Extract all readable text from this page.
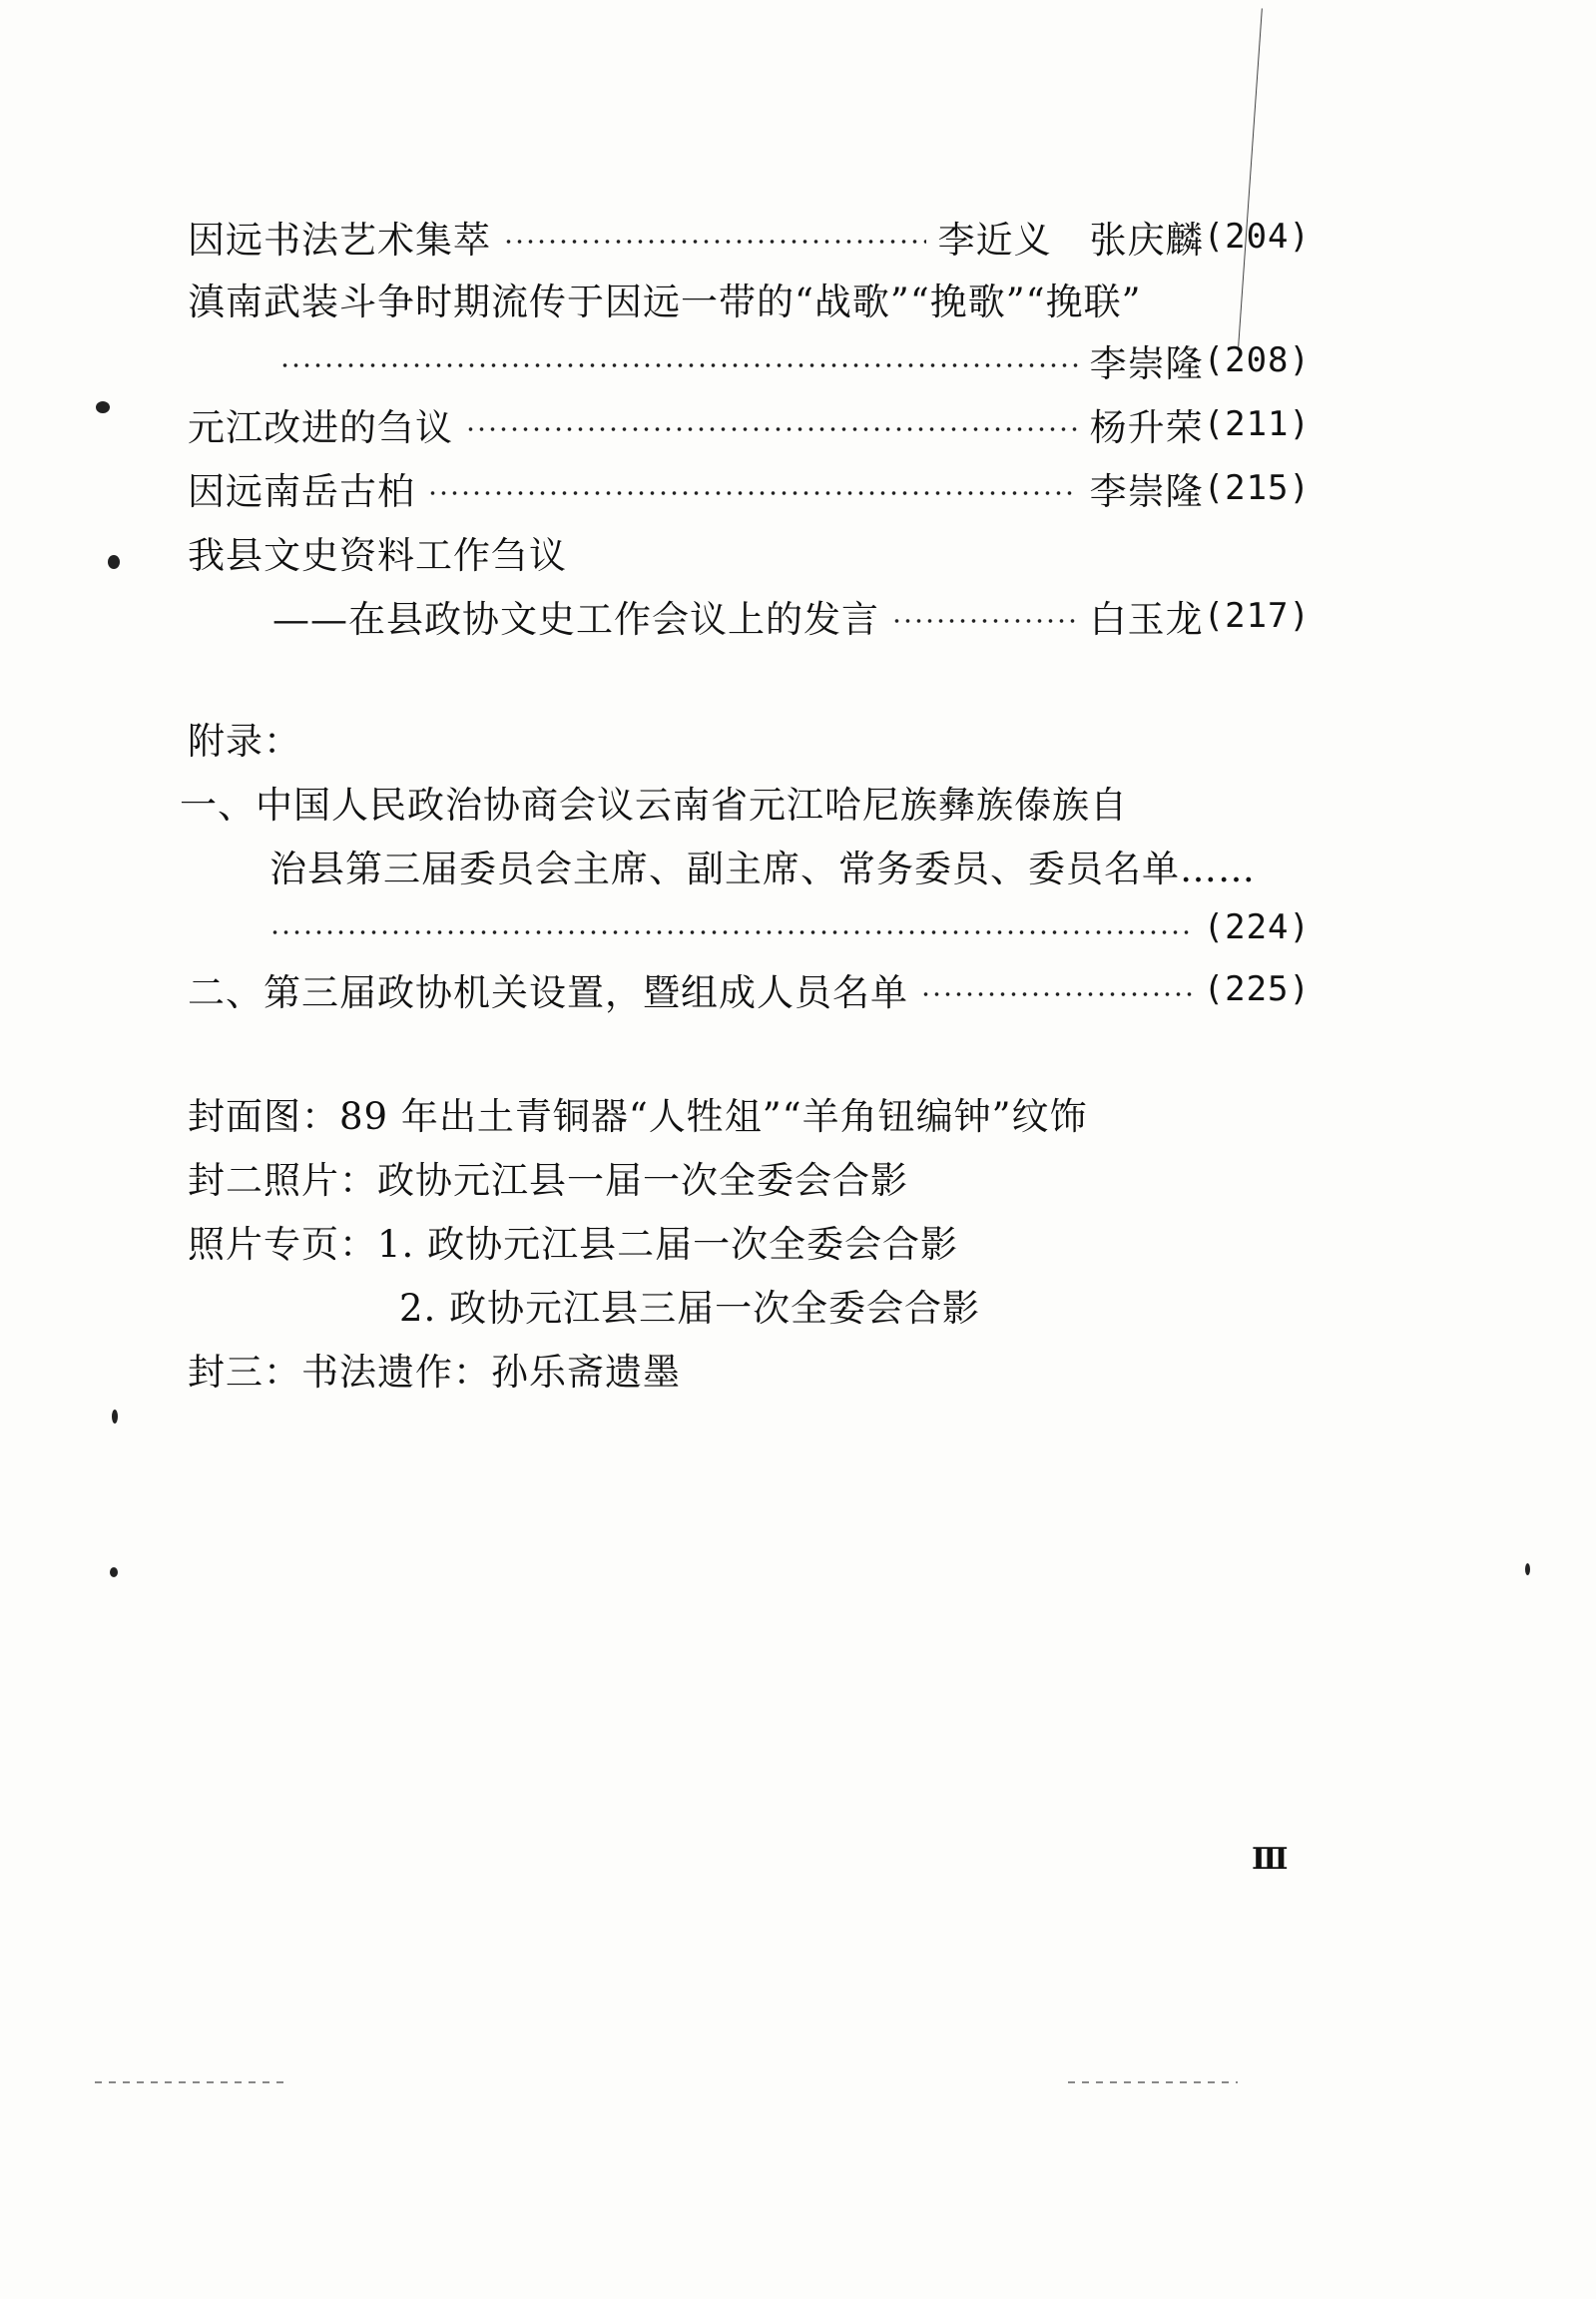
因远书法艺术集萃	李近义　张庆麟 (204)
滇南武装斗争时期流传于因远一带的“战歌”“挽歌”“挽联”
李崇隆 (208)
元江改进的刍议	杨升荣 (211)
因远南岳古柏	李崇隆 (215)
我县文史资料工作刍议
——在县政协文史工作会议上的发言	白玉龙 (217)
附录：
一、中国人民政治协商会议云南省元江哈尼族彝族傣族自
治县第三届委员会主席、副主席、常务委员、委员名单……
(224)
二、第三届政协机关设置，暨组成人员名单	(225)
封面图：89 年出土青铜器“人牲俎”“羊角钮编钟”纹饰
封二照片：政协元江县一届一次全委会合影
照片专页： 1. 政协元江县二届一次全委会合影
2. 政协元江县三届一次全委会合影
封三：书法遗作：孙乐斋遗墨
Ⅲ
